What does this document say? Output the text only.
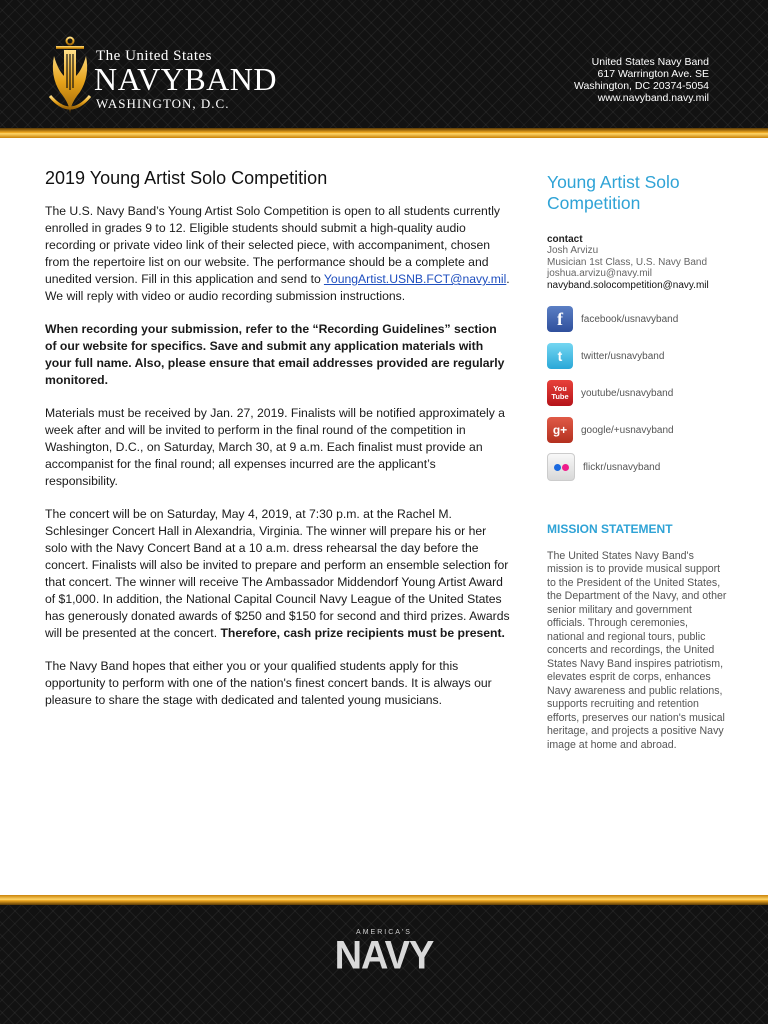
The United States
NAVYBAND
WASHINGTON, D.C.
United States Navy Band
617 Warrington Ave. SE
Washington, DC 20374-5054
www.navyband.navy.mil
2019 Young Artist Solo Competition

The U.S. Navy Band’s Young Artist Solo Competition is open to all students currently enrolled in grades 9 to 12. Eligible students should submit a high-quality audio recording or private video link of their selected piece, with accompaniment, chosen from the repertoire list on our website. The performance should be a complete and unedited version. Fill in this application and send to YoungArtist.USNB.FCT@navy.mil. We will reply with video or audio recording submission instructions.

When recording your submission, refer to the “Recording Guidelines” section of our website for specifics. Save and submit any application materials with your full name. Also, please ensure that email addresses provided are regularly monitored.

Materials must be received by Jan. 27, 2019. Finalists will be notified approximately a week after and will be invited to perform in the final round of the competition in Washington, D.C., on Saturday, March 30, at 9 a.m. Each finalist must provide an accompanist for the final round; all expenses incurred are the applicant’s responsibility.

The concert will be on Saturday, May 4, 2019, at 7:30 p.m. at the Rachel M. Schlesinger Concert Hall in Alexandria, Virginia. The winner will prepare his or her solo with the Navy Concert Band at a 10 a.m. dress rehearsal the day before the concert. Finalists will also be invited to prepare and perform an ensemble selection for that concert. The winner will receive The Ambassador Middendorf Young Artist Award of $1,000. In addition, the National Capital Council Navy League of the United States has generously donated awards of $250 and $150 for second and third prizes. Awards will be presented at the concert. Therefore, cash prize recipients must be present.

The Navy Band hopes that either you or your qualified students apply for this opportunity to perform with one of the nation's finest concert bands. It is always our pleasure to share the stage with dedicated and talented young musicians.

Young Artist Solo Competition
contact
Josh Arvizu
Musician 1st Class, U.S. Navy Band
joshua.arvizu@navy.mil
navyband.solocompetition@navy.mil
f	facebook/usnavyband
t	twitter/usnavyband
You
Tube youtube/usnavyband
g+	google/+usnavyband
flickr/usnavyband
MISSION STATEMENT
The United States Navy Band's mission is to provide musical support to the President of the United States, the Department of the Navy, and other senior military and government officials. Through ceremonies, national and regional tours, public concerts and recordings, the United States Navy Band inspires patriotism, elevates esprit de corps, enhances Navy awareness and public relations, supports recruiting and retention efforts, preserves our nation's musical heritage, and projects a positive Navy image at home and abroad.
AMERICA'S
NAVY
